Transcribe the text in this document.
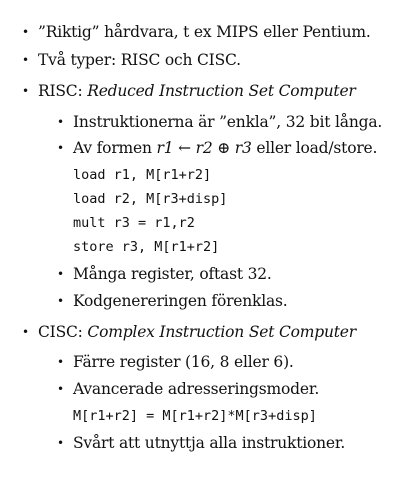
• ”Riktig” hårdvara, t ex MIPS eller Pentium.
• Två typer: RISC och CISC.
• RISC: Reduced Instruction Set Computer
• Instruktionerna är ”enkla”, 32 bit långa.
• Av formen r1 ← r2 ⊕ r3 eller load/store.
load r1, M[r1+r2]
load r2, M[r3+disp]
mult r3 = r1,r2
store r3, M[r1+r2]
• Många register, oftast 32.
• Kodgenereringen förenklas.
• CISC: Complex Instruction Set Computer
• Färre register (16, 8 eller 6).
• Avancerade adresseringsmoder.
M[r1+r2] = M[r1+r2]*M[r3+disp]
• Svårt att utnyttja alla instruktioner.
